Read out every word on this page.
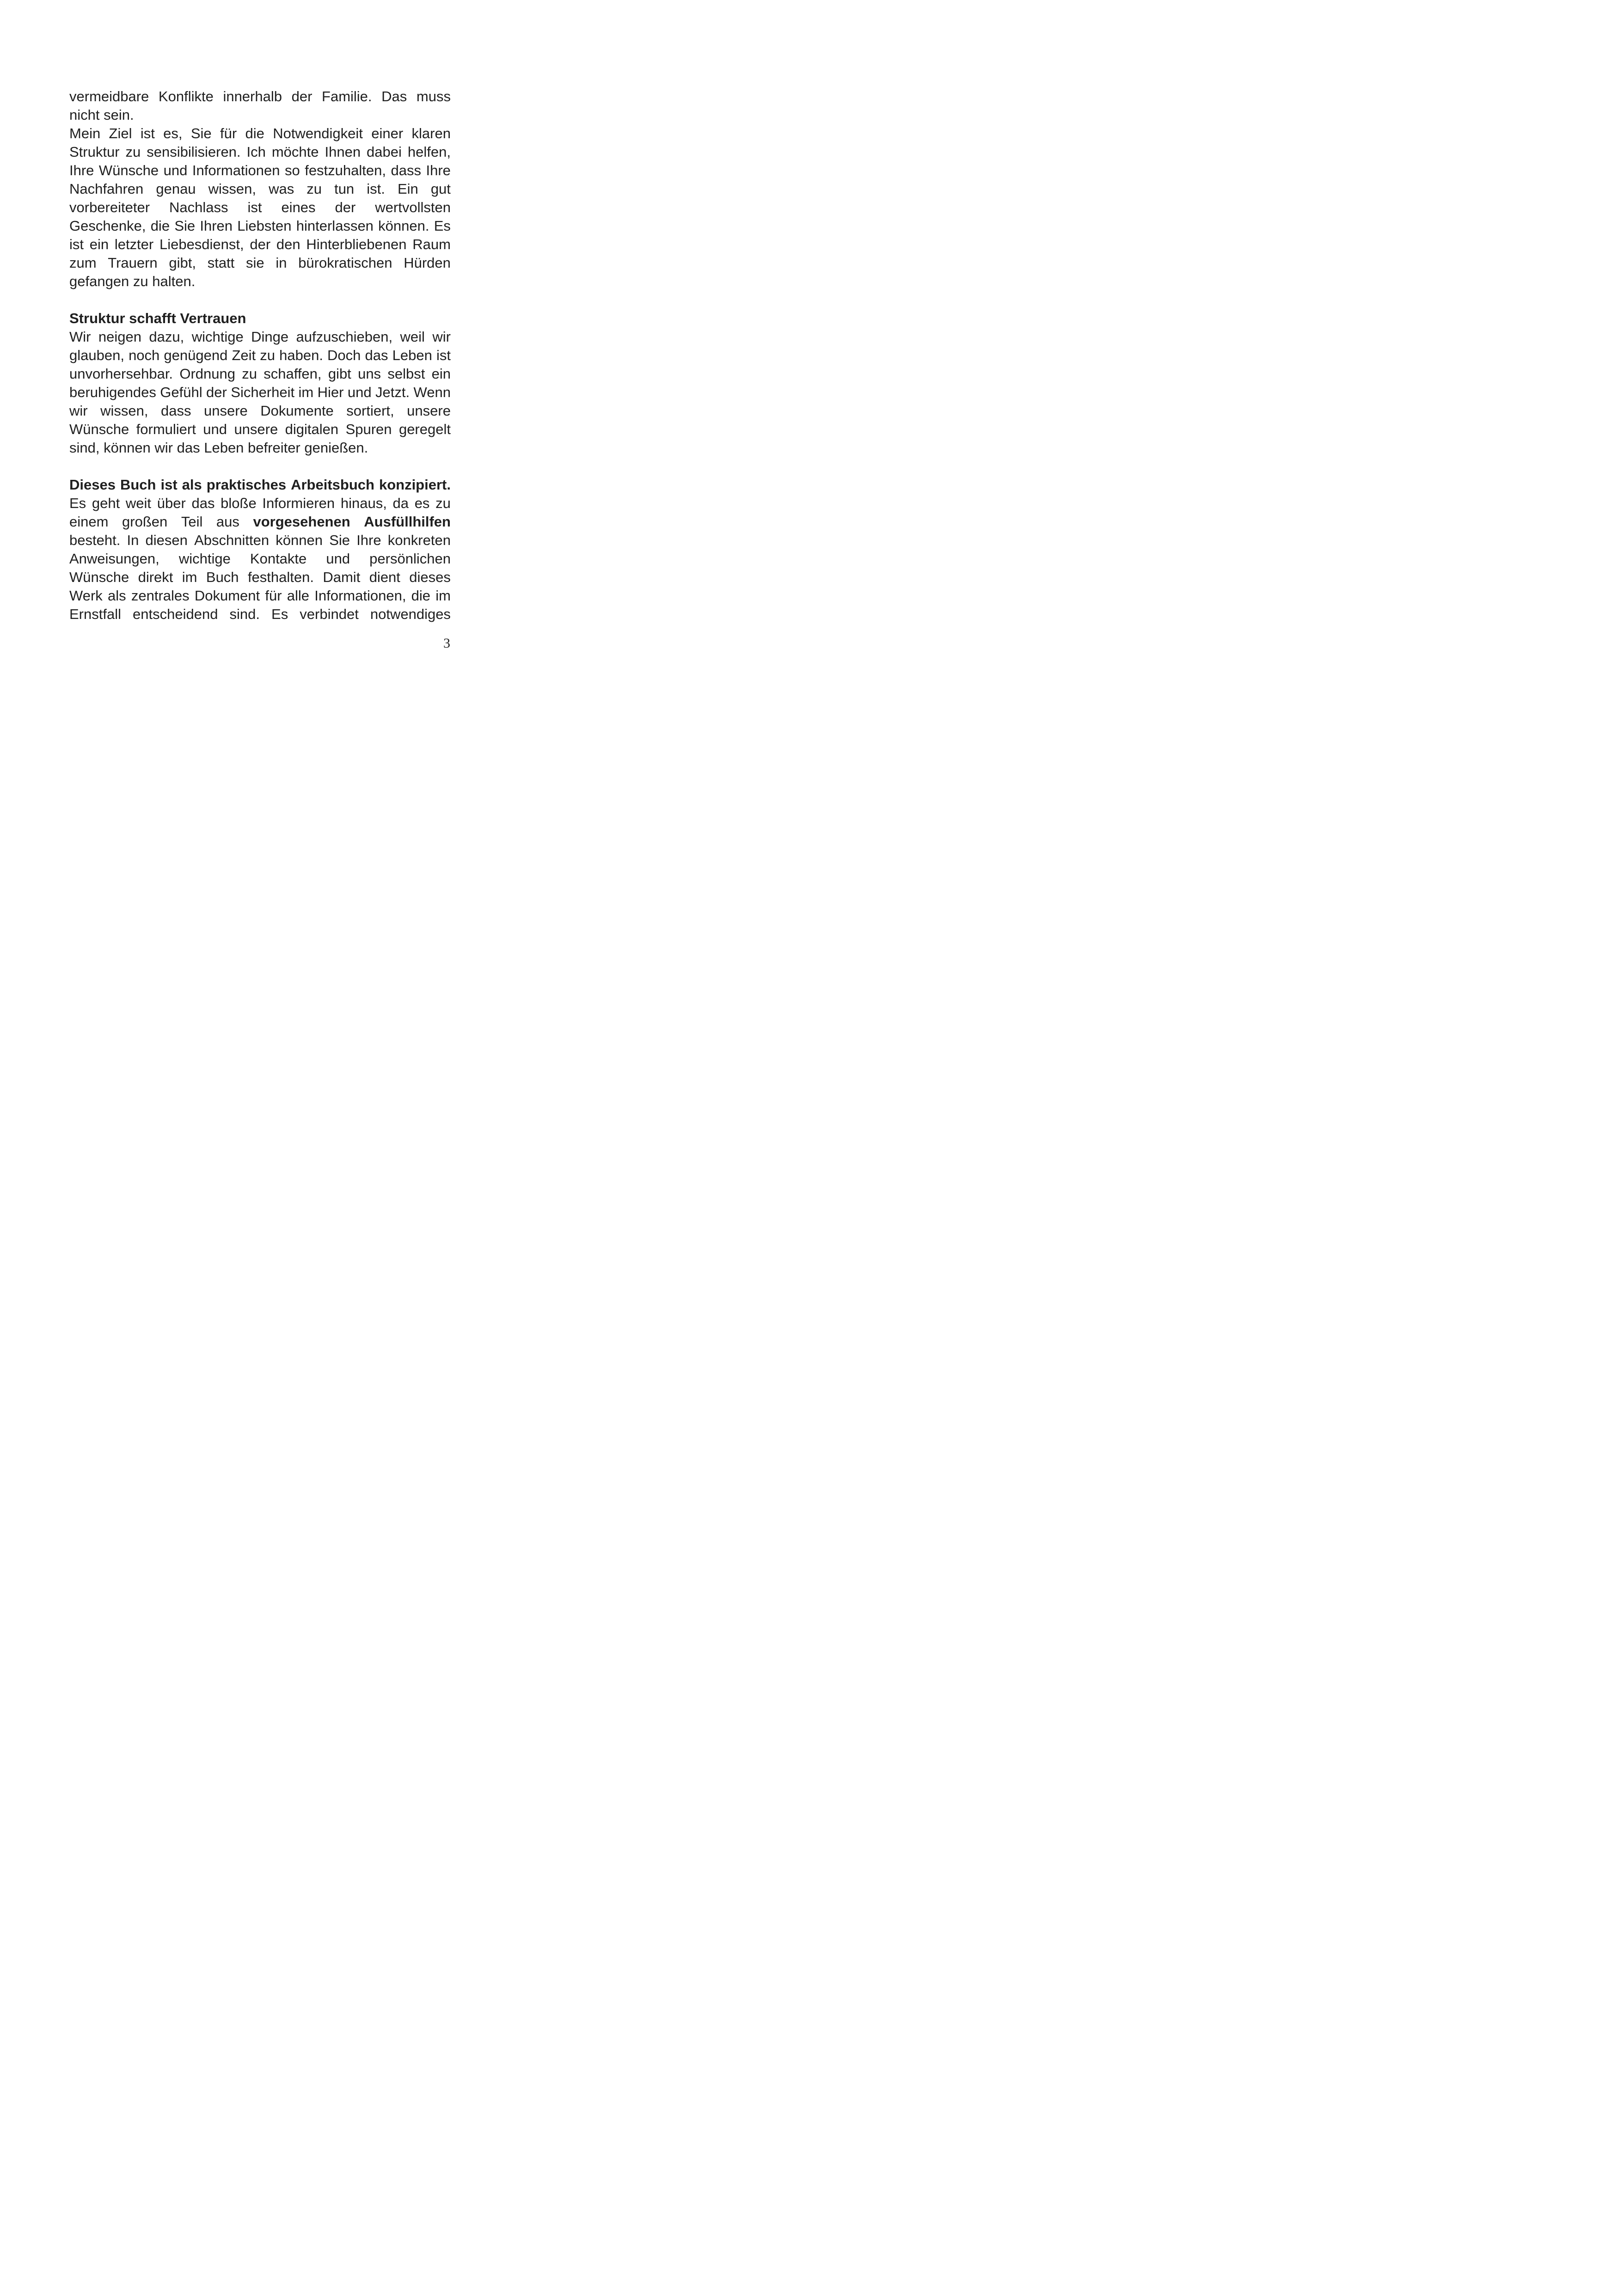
vermeidbare Konflikte innerhalb der Familie. Das muss
nicht sein.
Mein Ziel ist es, Sie für die Notwendigkeit einer klaren
Struktur zu sensibilisieren. Ich möchte Ihnen dabei helfen,
Ihre Wünsche und Informationen so festzuhalten, dass Ihre
Nachfahren genau wissen, was zu tun ist. Ein gut
vorbereiteter Nachlass ist eines der wertvollsten
Geschenke, die Sie Ihren Liebsten hinterlassen können. Es
ist ein letzter Liebesdienst, der den Hinterbliebenen Raum
zum Trauern gibt, statt sie in bürokratischen Hürden
gefangen zu halten.
Struktur schafft Vertrauen
Wir neigen dazu, wichtige Dinge aufzuschieben, weil wir
glauben, noch genügend Zeit zu haben. Doch das Leben ist
unvorhersehbar. Ordnung zu schaffen, gibt uns selbst ein
beruhigendes Gefühl der Sicherheit im Hier und Jetzt. Wenn
wir wissen, dass unsere Dokumente sortiert, unsere
Wünsche formuliert und unsere digitalen Spuren geregelt
sind, können wir das Leben befreiter genießen.
Dieses Buch ist als praktisches Arbeitsbuch konzipiert.
Es geht weit über das bloße Informieren hinaus, da es zu
einem großen Teil aus vorgesehenen Ausfüllhilfen
besteht. In diesen Abschnitten können Sie Ihre konkreten
Anweisungen, wichtige Kontakte und persönlichen
Wünsche direkt im Buch festhalten. Damit dient dieses
Werk als zentrales Dokument für alle Informationen, die im
Ernstfall entscheidend sind. Es verbindet notwendiges
3
